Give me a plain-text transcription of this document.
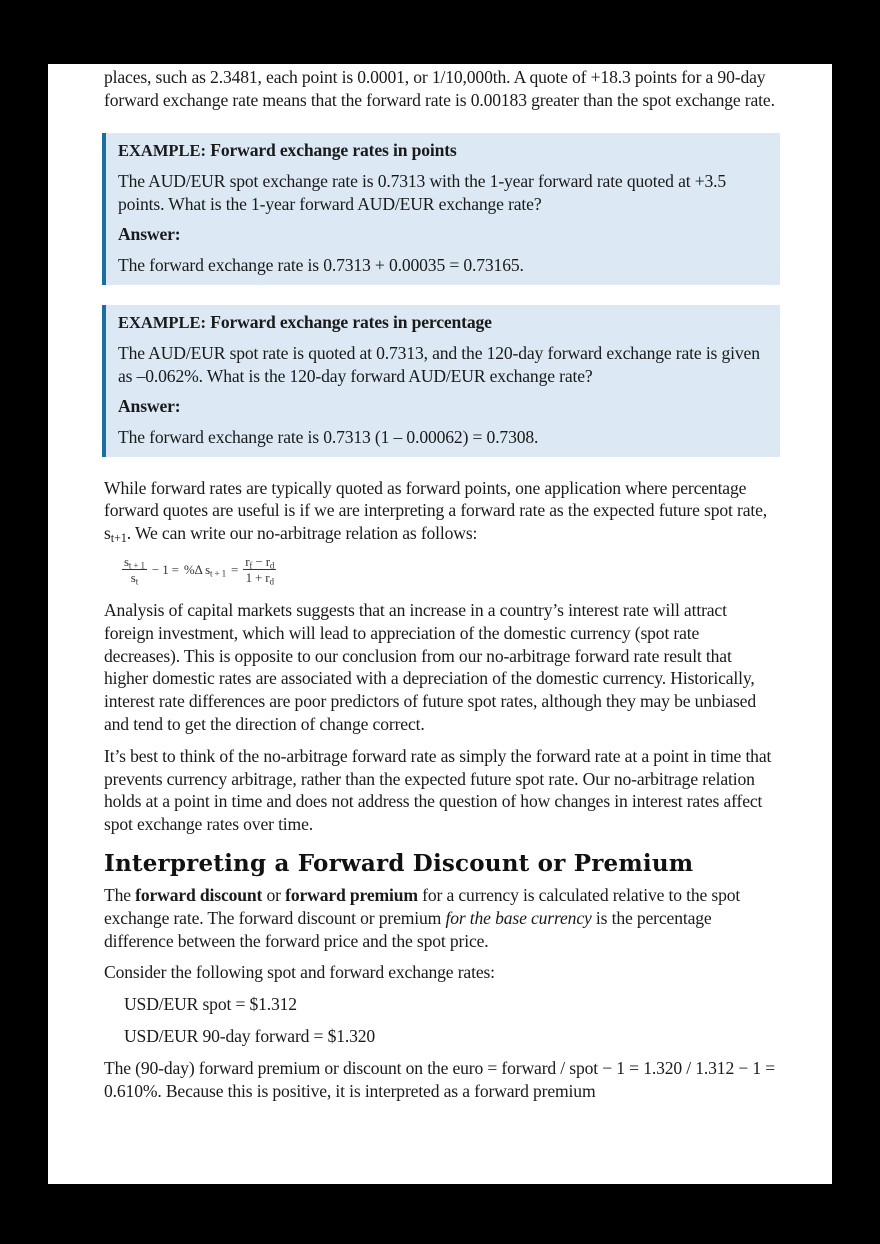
places, such as 2.3481, each point is 0.0001, or 1/10,000th. A quote of +18.3 points for a 90-day forward exchange rate means that the forward rate is 0.00183 greater than the spot exchange rate.

EXAMPLE: Forward exchange rates in points

The AUD/EUR spot exchange rate is 0.7313 with the 1-year forward rate quoted at +3.5 points. What is the 1-year forward AUD/EUR exchange rate?

Answer:

The forward exchange rate is 0.7313 + 0.00035 = 0.73165.

EXAMPLE: Forward exchange rates in percentage

The AUD/EUR spot rate is quoted at 0.7313, and the 120-day forward exchange rate is given as –0.062%. What is the 120-day forward AUD/EUR exchange rate?

Answer:

The forward exchange rate is 0.7313 (1 – 0.00062) = 0.7308.

While forward rates are typically quoted as forward points, one application where percentage forward quotes are useful is if we are interpreting a forward rate as the expected future spot rate, $s_{t+1}$. We can write our no-arbitrage relation as follows:

$\frac{s_{t + 1}}{s_t} - 1 = \%\Delta$ $s_{t + 1} = \frac{r_f - r_d}{1 + r_d}$

Analysis of capital markets suggests that an increase in a country’s interest rate will attract foreign investment, which will lead to appreciation of the domestic currency (spot rate decreases). This is opposite to our conclusion from our no-arbitrage forward rate result that higher domestic rates are associated with a depreciation of the domestic currency. Historically, interest rate differences are poor predictors of future spot rates, although they may be unbiased and tend to get the direction of change correct.

It’s best to think of the no-arbitrage forward rate as simply the forward rate at a point in time that prevents currency arbitrage, rather than the expected future spot rate. Our no-arbitrage relation holds at a point in time and does not address the question of how changes in interest rates affect spot exchange rates over time.

Interpreting a Forward Discount or Premium

The forward discount or forward premium for a currency is calculated relative to the spot exchange rate. The forward discount or premium for the base currency is the percentage difference between the forward price and the spot price.

Consider the following spot and forward exchange rates:

USD/EUR spot = $1.312

USD/EUR 90-day forward = $1.320

The (90-day) forward premium or discount on the euro = forward / spot − 1 = 1.320 / 1.312 − 1 = 0.610%. Because this is positive, it is interpreted as a forward premium
